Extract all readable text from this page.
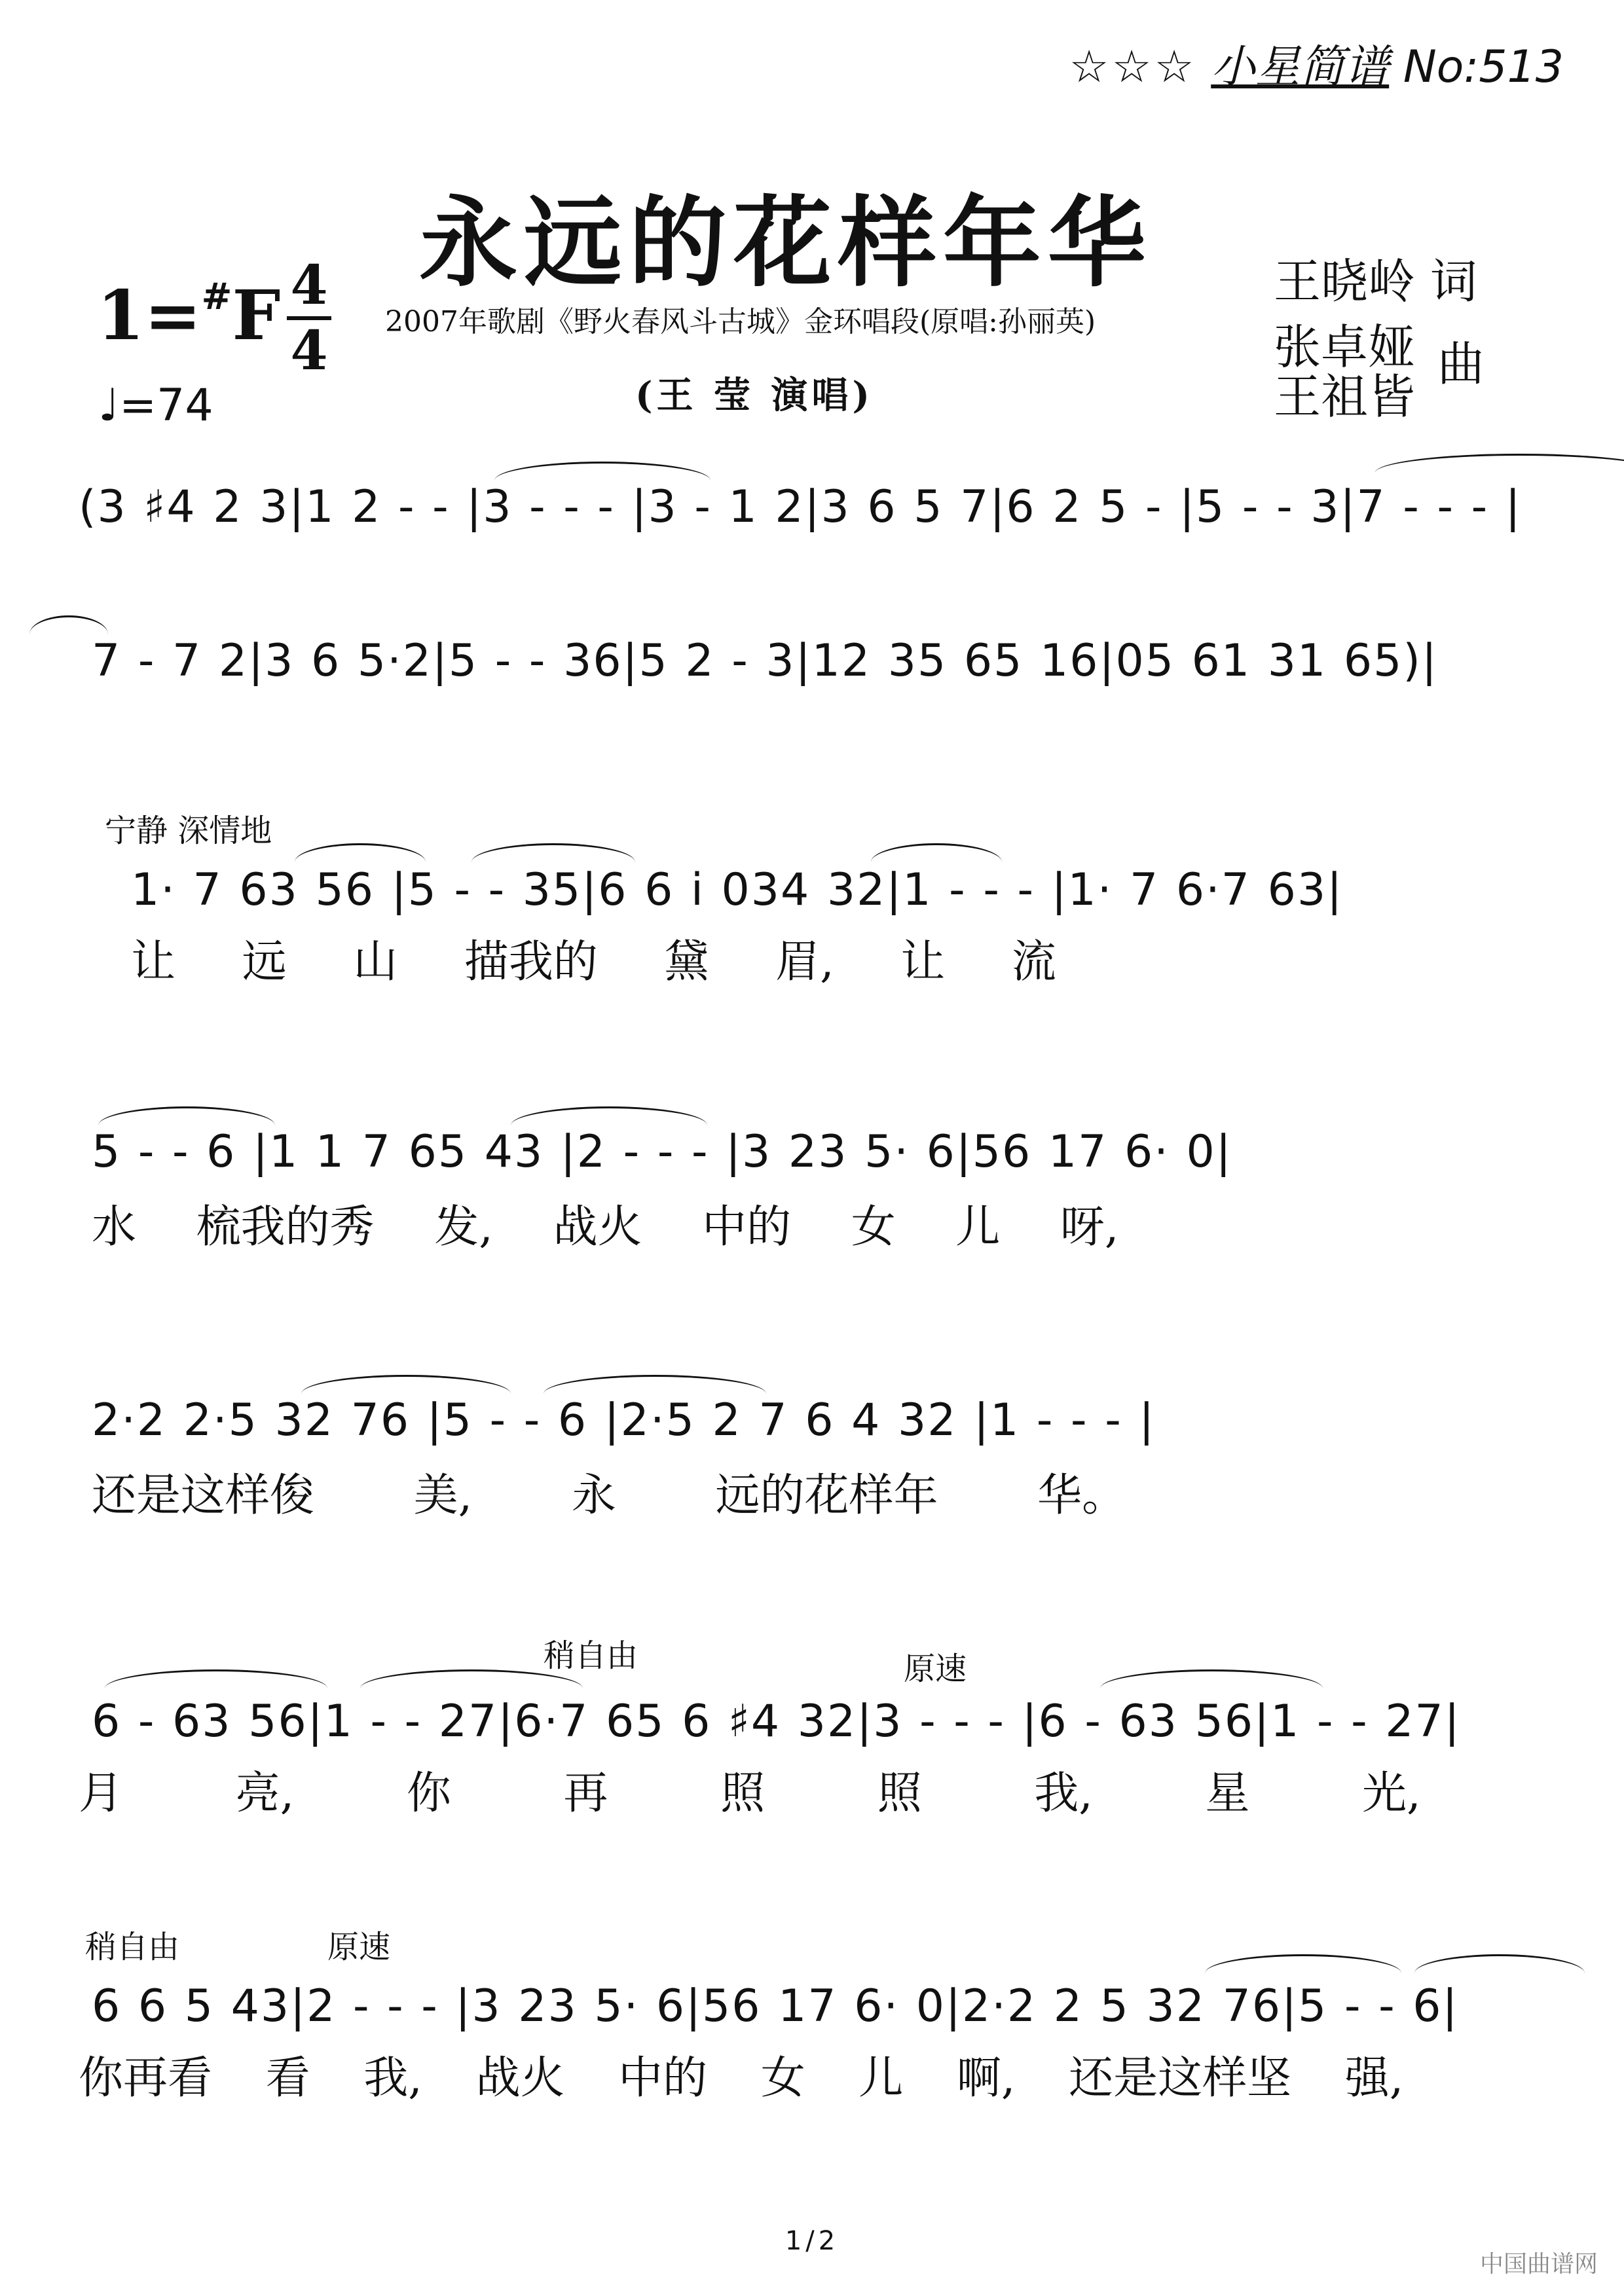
☆☆☆ 小星简谱 No:513
永远的花样年华
1=#F 4
4
♩=74
2007年歌剧《野火春风斗古城》金环唱段(原唱:孙丽英)
(王 莹 演唱)
王晓岭 词
张卓娅
王祖皆
曲
(3 ♯4 2 3|1 2 - - |3 - - - |3 - 1 2|3 6 5 7|6 2 5 - |5 - - 3|7 - - - |
7 - 7 2|3 6 5·2|5 - - 36|5 2 - 3|12 35 65 16|05 61 31 65)|
宁静 深情地
1· 7 63 56 |5 - - 35|6 6 i 034 32|1 - - - |1· 7 6·7 63|
让 远 山 描我的 黛 眉, 让 流
5 - - 6 |1 1 7 65 43 |2 - - - |3 23 5· 6|56 17 6· 0|
水 梳我的秀 发, 战火 中的 女 儿 呀,
2·2 2·5 32 76 |5 - - 6 |2·5 2 7 6 4 32 |1 - - - |
还是这样俊 美, 永 远的花样年 华。
稍自由	原速
6 - 63 56|1 - - 27|6·7 65 6 ♯4 32|3 - - - |6 - 63 56|1 - - 27|
月 亮, 你 再 照 照 我, 星 光,
稍自由	原速
6 6 5 43|2 - - - |3 23 5· 6|56 17 6· 0|2·2 2 5 32 76|5 - - 6|
你再看 看 我, 战火 中的 女 儿 啊, 还是这样坚 强,
1/2
中国曲谱网
